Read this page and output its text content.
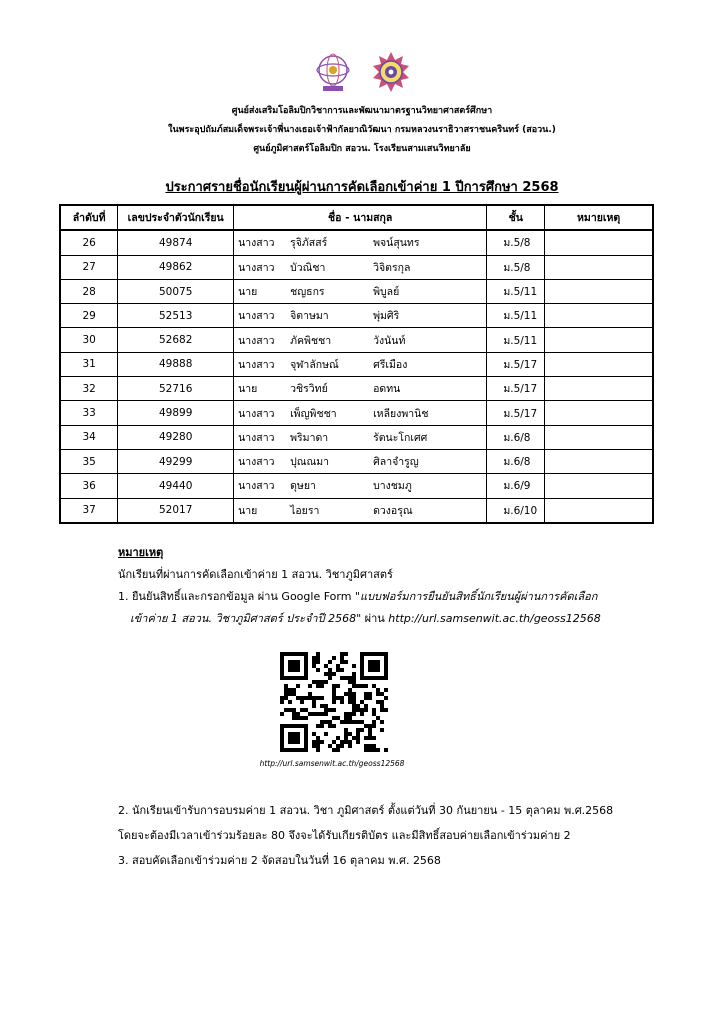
ศูนย์ส่งเสริมโอลิมปิกวิชาการและพัฒนามาตรฐานวิทยาศาสตร์ศึกษา
ในพระอุปถัมภ์สมเด็จพระเจ้าพี่นางเธอเจ้าฟ้ากัลยาณิวัฒนา กรมหลวงนราธิวาสราชนครินทร์ (สอวน.)
ศูนย์ภูมิศาสตร์โอลิมปิก สอวน. โรงเรียนสามเสนวิทยาลัย
ประกาศรายชื่อนักเรียนผู้ผ่านการคัดเลือกเข้าค่าย 1 ปีการศึกษา 2568
ลำดับที่	เลขประจำตัวนักเรียน	ชื่อ - นามสกุล	ชั้น	หมายเหตุ
26	49874	นางสาว รุจิภัสสร์ พจน์สุนทร	ม.5/8	
27	49862	นางสาว บัวณิชา วิจิตรกุล	ม.5/8	
28	50075	นาย ชญธกร พิบูลย์	ม.5/11	
29	52513	นางสาว จิตาษมา พุ่มศิริ	ม.5/11	
30	52682	นางสาว ภัคพิชชา วังนันท์	ม.5/11	
31	49888	นางสาว จุฬาลักษณ์ ศรีเมือง	ม.5/17	
32	52716	นาย วชิรวิทย์ อดทน	ม.5/17	
33	49899	นางสาว เพ็ญพิชชา เหลียงพานิช	ม.5/17	
34	49280	นางสาว พริมาดา รัตนะโกเศศ	ม.6/8	
35	49299	นางสาว ปุณณมา ศิลาจำรูญ	ม.6/8	
36	49440	นางสาว ดุษยา บางชมภู	ม.6/9	
37	52017	นาย ไอยรา ดวงอรุณ	ม.6/10	
หมายเหตุ
นักเรียนที่ผ่านการคัดเลือกเข้าค่าย 1 สอวน. วิชาภูมิศาสตร์
1. ยืนยันสิทธิ์และกรอกข้อมูล ผ่าน Google Form "แบบฟอร์มการยืนยันสิทธิ์นักเรียนผู้ผ่านการคัดเลือก
เข้าค่าย 1 สอวน. วิชาภูมิศาสตร์ ประจำปี 2568" ผ่าน http://url.samsenwit.ac.th/geoss12568
http://url.samsenwit.ac.th/geoss12568
2. นักเรียนเข้ารับการอบรมค่าย 1 สอวน. วิชา ภูมิศาสตร์ ตั้งแต่วันที่ 30 กันยายน - 15 ตุลาคม พ.ศ.2568
โดยจะต้องมีเวลาเข้าร่วมร้อยละ 80 จึงจะได้รับเกียรติบัตร และมีสิทธิ์สอบค่ายเลือกเข้าร่วมค่าย 2
3. สอบคัดเลือกเข้าร่วมค่าย 2 จัดสอบในวันที่ 16 ตุลาคม พ.ศ. 2568
